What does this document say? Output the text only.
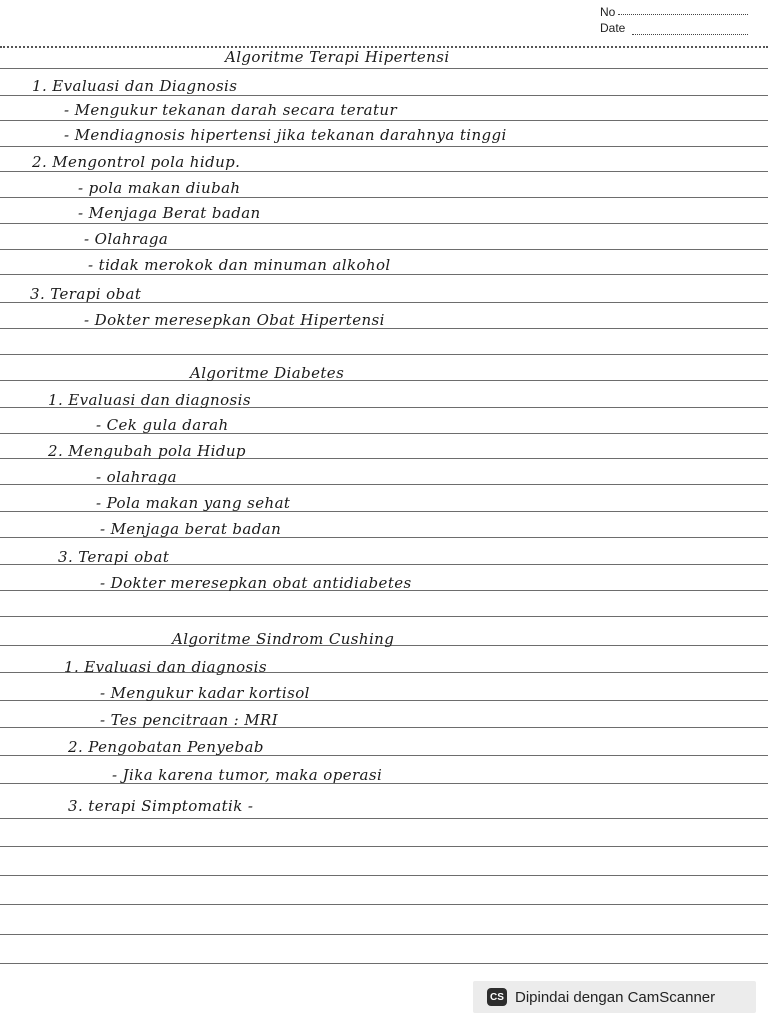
No
Date
Algoritme Terapi Hipertensi
1. Evaluasi dan Diagnosis
- Mengukur tekanan darah secara teratur
- Mendiagnosis hipertensi jika tekanan darahnya tinggi
2. Mengontrol pola hidup.
- pola makan diubah
- Menjaga Berat badan
- Olahraga
- tidak merokok dan minuman alkohol
3. Terapi obat
- Dokter meresepkan Obat Hipertensi
Algoritme Diabetes
1. Evaluasi dan diagnosis
- Cek gula darah
2. Mengubah pola Hidup
- olahraga
- Pola makan yang sehat
- Menjaga berat badan
3. Terapi obat
- Dokter meresepkan obat antidiabetes
Algoritme Sindrom Cushing
1. Evaluasi dan diagnosis
- Mengukur kadar kortisol
- Tes pencitraan : MRI
2. Pengobatan Penyebab
- Jika karena tumor, maka operasi
3. terapi Simptomatik -
CS Dipindai dengan CamScanner
